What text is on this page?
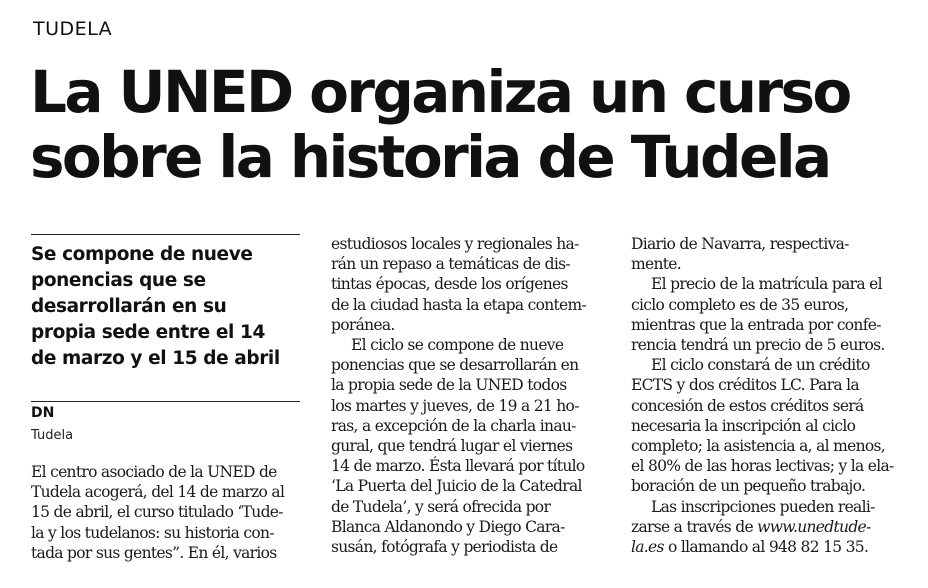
TUDELA
La UNED organiza un curso
sobre la historia de Tudela
Se compone de nueve
ponencias que se
desarrollarán en su
propia sede entre el 14
de marzo y el 15 de abril
DN
Tudela
El centro asociado de la UNED de
Tudela acogerá, del 14 de marzo al
15 de abril, el curso titulado ‘Tude-
la y los tudelanos: su historia con-
tada por sus gentes”. En él, varios
estudiosos locales y regionales ha-
rán un repaso a temáticas de dis-
tintas épocas, desde los orígenes
de la ciudad hasta la etapa contem-
poránea.
El ciclo se compone de nueve
ponencias que se desarrollarán en
la propia sede de la UNED todos
los martes y jueves, de 19 a 21 ho-
ras, a excepción de la charla inau-
gural, que tendrá lugar el viernes
14 de marzo. Ésta llevará por título
‘La Puerta del Juicio de la Catedral
de Tudela’, y será ofrecida por
Blanca Aldanondo y Diego Cara-
susán, fotógrafa y periodista de
Diario de Navarra, respectiva-
mente.
El precio de la matrícula para el
ciclo completo es de 35 euros,
mientras que la entrada por confe-
rencia tendrá un precio de 5 euros.
El ciclo constará de un crédito
ECTS y dos créditos LC. Para la
concesión de estos créditos será
necesaria la inscripción al ciclo
completo; la asistencia a, al menos,
el 80% de las horas lectivas; y la ela-
boración de un pequeño trabajo.
Las inscripciones pueden reali-
zarse a través de www.unedtude-
la.es o llamando al 948 82 15 35.
